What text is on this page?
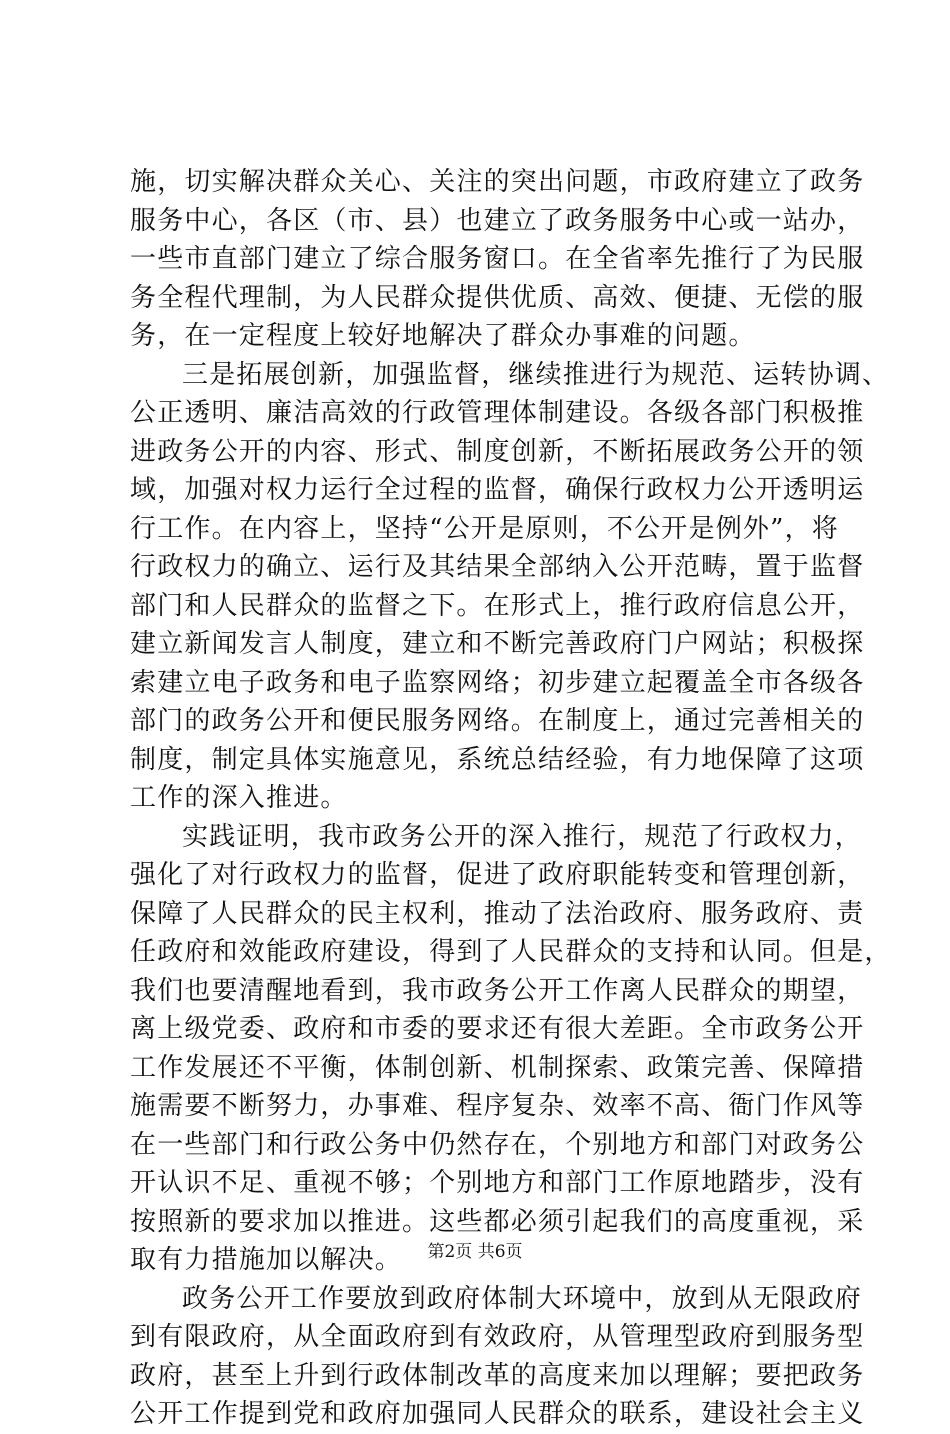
施，切实解决群众关心、关注的突出问题，市政府建立了政务
服务中心，各区（市、县）也建立了政务服务中心或一站办，
一些市直部门建立了综合服务窗口。在全省率先推行了为民服
务全程代理制，为人民群众提供优质、高效、便捷、无偿的服
务，在一定程度上较好地解决了群众办事难的问题。
三是拓展创新，加强监督，继续推进行为规范、运转协调、
公正透明、廉洁高效的行政管理体制建设。各级各部门积极推
进政务公开的内容、形式、制度创新，不断拓展政务公开的领
域，加强对权力运行全过程的监督，确保行政权力公开透明运
行工作。在内容上，坚持“公开是原则，不公开是例外”，将
行政权力的确立、运行及其结果全部纳入公开范畴，置于监督
部门和人民群众的监督之下。在形式上，推行政府信息公开，
建立新闻发言人制度，建立和不断完善政府门户网站；积极探
索建立电子政务和电子监察网络；初步建立起覆盖全市各级各
部门的政务公开和便民服务网络。在制度上，通过完善相关的
制度，制定具体实施意见，系统总结经验，有力地保障了这项
工作的深入推进。
实践证明，我市政务公开的深入推行，规范了行政权力，
强化了对行政权力的监督，促进了政府职能转变和管理创新，
保障了人民群众的民主权利，推动了法治政府、服务政府、责
任政府和效能政府建设，得到了人民群众的支持和认同。但是，
我们也要清醒地看到，我市政务公开工作离人民群众的期望，
离上级党委、政府和市委的要求还有很大差距。全市政务公开
工作发展还不平衡，体制创新、机制探索、政策完善、保障措
施需要不断努力，办事难、程序复杂、效率不高、衙门作风等
在一些部门和行政公务中仍然存在，个别地方和部门对政务公
开认识不足、重视不够；个别地方和部门工作原地踏步，没有
按照新的要求加以推进。这些都必须引起我们的高度重视，采
取有力措施加以解决。
政务公开工作要放到政府体制大环境中，放到从无限政府
到有限政府，从全面政府到有效政府，从管理型政府到服务型
政府，甚至上升到行政体制改革的高度来加以理解；要把政务
公开工作提到党和政府加强同人民群众的联系，建设社会主义
第2页 共6页
